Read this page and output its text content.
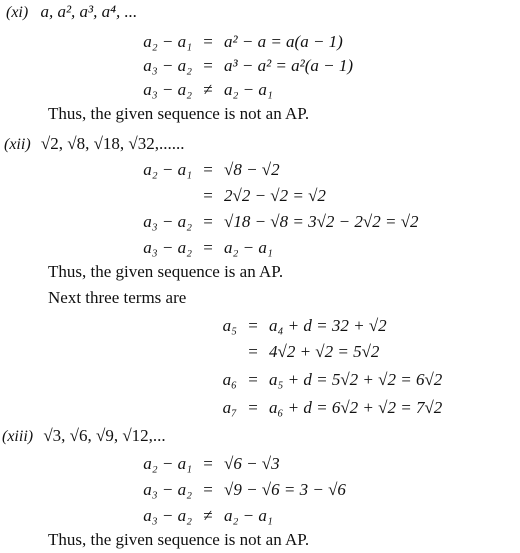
(xi) a, a², a³, a⁴, ...
a₂ − a₁ = a² − a = a(a − 1)
a₃ − a₂ = a³ − a² = a²(a − 1)
a₃ − a₂ ≠ a₂ − a₁
Thus, the given sequence is not an AP.
(xii) √2, √8, √18, √32,......
a₂ − a₁ = √8 − √2
= 2√2 − √2 = √2
a₃ − a₂ = √18 − √8 = 3√2 − 2√2 = √2
a₃ − a₂ = a₂ − a₁
Thus, the given sequence is an AP.
Next three terms are
a₅ = a₄ + d = 32 + √2
= 4√2 + √2 = 5√2
a₆ = a₅ + d = 5√2 + √2 = 6√2
a₇ = a₆ + d = 6√2 + √2 = 7√2
(xiii) √3, √6, √9, √12,...
a₂ − a₁ = √6 − √3
a₃ − a₂ = √9 − √6 = 3 − √6
a₃ − a₂ ≠ a₂ − a₁
Thus, the given sequence is not an AP.
